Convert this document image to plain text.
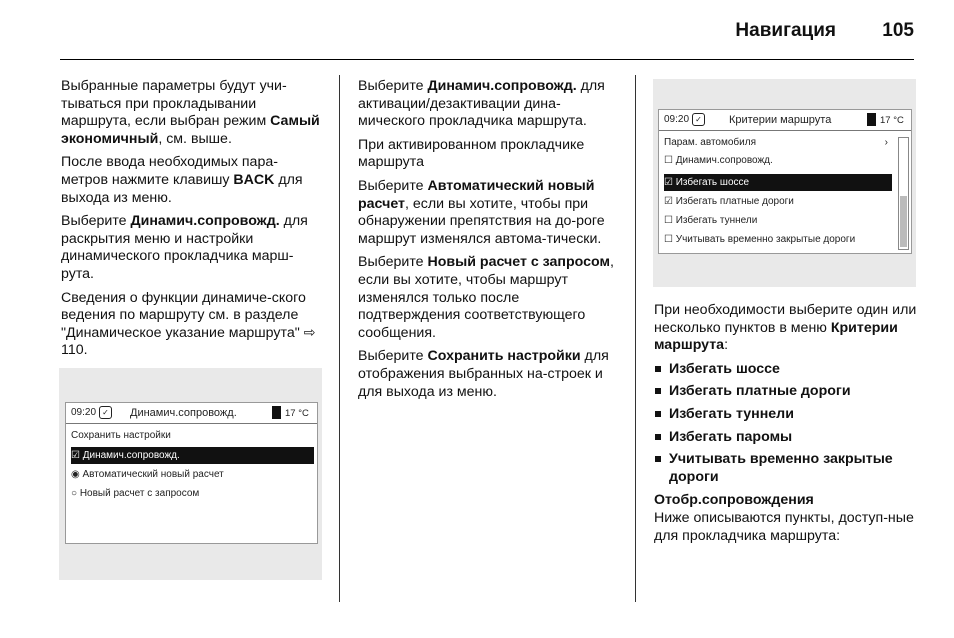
Навигация 105

Выбранные параметры будут учи-тываться при прокладывании маршрута, если выбран режим Самый экономичный, см. выше.

После ввода необходимых пара-метров нажмите клавишу BACK для выхода из меню.

Выберите Динамич.сопровожд. для раскрытия меню и настройки динамического прокладчика марш-рута.

Сведения о функции динамиче-ского ведения по маршруту см. в разделе "Динамическое указание маршрута" ⇨ 110.

09:20 ✓ Динамич.сопровожд.	17 °C
Сохранить настройки
☑ Динамич.сопровожд.
◉ Автоматический новый расчет
○ Новый расчет с запросом

Выберите Динамич.сопровожд. для активации/дезактивации дина-мического прокладчика маршрута.

При активированном прокладчике маршрута

Выберите Автоматический новый расчет, если вы хотите, чтобы при обнаружении препятствия на до-роге маршрут изменялся автома-тически.

Выберите Новый расчет с запросом, если вы хотите, чтобы маршрут изменялся только после подтверждения соответствующего сообщения.

Выберите Сохранить настройки для отображения выбранных на-строек и для выхода из меню.

09:20 ✓ Критерии маршрута	17 °C
Парам. автомобиля	›
☐ Динамич.сопровожд.
☑ Избегать шоссе
☑ Избегать платные дороги
☐ Избегать туннели
☐ Учитывать временно закрытые дороги

При необходимости выберите один или несколько пунктов в меню Критерии маршрута:

Избегать шоссе
Избегать платные дороги
Избегать туннели
Избегать паромы
Учитывать временно закрытые дороги
Отобр.сопровождения

Ниже описываются пункты, доступ-ные для прокладчика маршрута:
